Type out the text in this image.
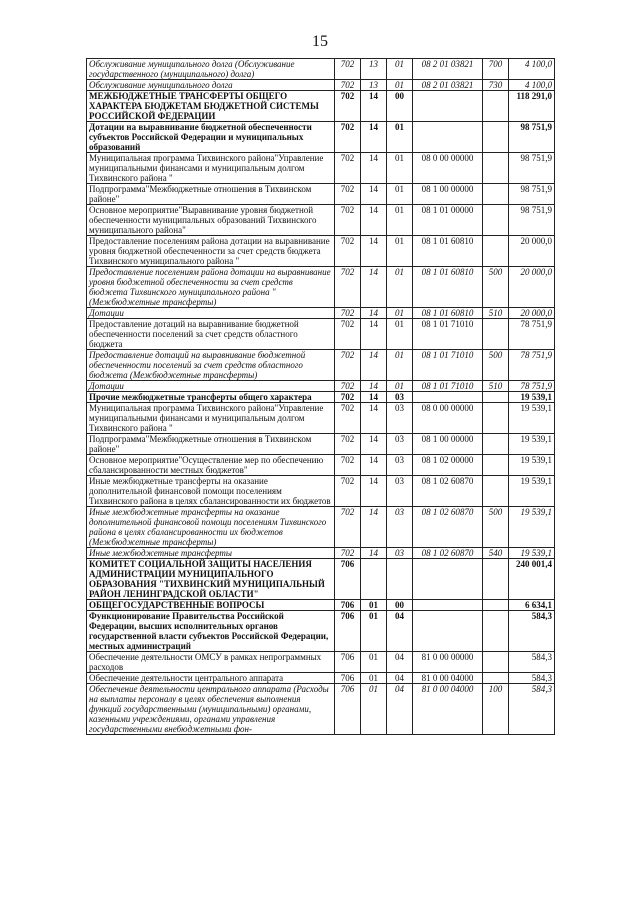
15
Обслуживание муниципального долга (Обслуживание государственного (муниципального) долга)	702	13	01	08 2 01 03821	700	4 100,0
Обслуживание муниципального долга	702	13	01	08 2 01 03821	730	4 100,0
МЕЖБЮДЖЕТНЫЕ ТРАНСФЕРТЫ ОБЩЕГО ХАРАКТЕРА БЮДЖЕТАМ БЮДЖЕТНОЙ СИСТЕМЫ РОССИЙСКОЙ ФЕДЕРАЦИИ	702	14	00			118 291,0
Дотации на выравнивание бюджетной обеспеченности субъектов Российской Федерации и муниципальных образований	702	14	01			98 751,9
Муниципальная программа Тихвинского района"Управление муниципальными финансами и муниципальным долгом Тихвинского района "	702	14	01	08 0 00 00000		98 751,9
Подпрограмма"Межбюджетные отношения в Тихвинском районе"	702	14	01	08 1 00 00000		98 751,9
Основное мероприятие"Выравнивание уровня бюджетной обеспеченности муниципальных образований Тихвинского муниципального района"	702	14	01	08 1 01 00000		98 751,9
Предоставление поселениям района дотации на выравнивание уровня бюджетной обеспеченности за счет средств бюджета Тихвинского муниципального района "	702	14	01	08 1 01 60810		20 000,0
Предоставление поселениям района дотации на выравнивание уровня бюджетной обеспеченности за счет средств бюджета Тихвинского муниципального района " (Межбюджетные трансферты)	702	14	01	08 1 01 60810	500	20 000,0
Дотации	702	14	01	08 1 01 60810	510	20 000,0
Предоставление дотаций на выравнивание бюджетной обеспеченности поселений за счет средств областного бюджета	702	14	01	08 1 01 71010		78 751,9
Предоставление дотаций на выравнивание бюджетной обеспеченности поселений за счет средств областного бюджета (Межбюджетные трансферты)	702	14	01	08 1 01 71010	500	78 751,9
Дотации	702	14	01	08 1 01 71010	510	78 751,9
Прочие межбюджетные трансферты общего характера	702	14	03			19 539,1
Муниципальная программа Тихвинского района"Управление муниципальными финансами и муниципальным долгом Тихвинского района "	702	14	03	08 0 00 00000		19 539,1
Подпрограмма"Межбюджетные отношения в Тихвинском районе"	702	14	03	08 1 00 00000		19 539,1
Основное мероприятие"Осуществление мер по обеспечению сбалансированности местных бюджетов"	702	14	03	08 1 02 00000		19 539,1
Иные межбюджетные трансферты на оказание дополнительной финансовой помощи поселениям Тихвинского района в целях сбалансированности их бюджетов	702	14	03	08 1 02 60870		19 539,1
Иные межбюджетные трансферты на оказание дополнительной финансовой помощи поселениям Тихвинского района в целях сбалансированности их бюджетов (Межбюджетные трансферты)	702	14	03	08 1 02 60870	500	19 539,1
Иные межбюджетные трансферты	702	14	03	08 1 02 60870	540	19 539,1
КОМИТЕТ СОЦИАЛЬНОЙ ЗАЩИТЫ НАСЕЛЕНИЯ АДМИНИСТРАЦИИ МУНИЦИПАЛЬНОГО ОБРАЗОВАНИЯ "ТИХВИНСКИЙ МУНИЦИПАЛЬНЫЙ РАЙОН ЛЕНИНГРАДСКОЙ ОБЛАСТИ"	706					240 001,4
ОБЩЕГОСУДАРСТВЕННЫЕ ВОПРОСЫ	706	01	00			6 634,1
Функционирование Правительства Российской Федерации, высших исполнительных органов государственной власти субъектов Российской Федерации, местных администраций	706	01	04			584,3
Обеспечение деятельности ОМСУ в рамках непрограммных расходов	706	01	04	81 0 00 00000		584,3
Обеспечение деятельности центрального аппарата	706	01	04	81 0 00 04000		584,3
Обеспечение деятельности центрального аппарата (Расходы на выплаты персоналу в целях обеспечения выполнения функций государственными (муниципальными) органами, казенными учреждениями, органами управления государственными внебюджетными фон-	706	01	04	81 0 00 04000	100	584,3
